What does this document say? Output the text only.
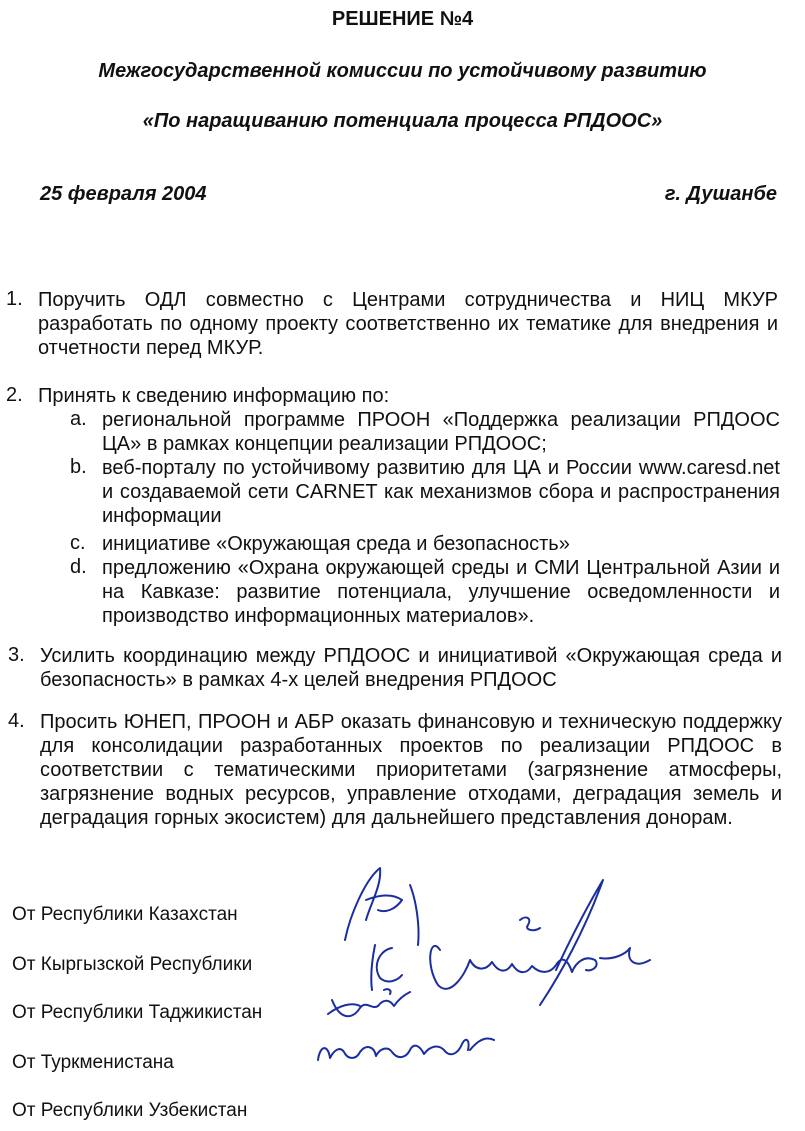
РЕШЕНИЕ №4
Межгосударственной комиссии по устойчивому развитию
«По наращиванию потенциала процесса РПДООС»
25 февраля 2004	г. Душанбе
1. Поручить ОДЛ совместно с Центрами сотрудничества и НИЦ МКУР разработать по одному проекту соответственно их тематике для внедрения и отчетности перед МКУР.
2. Принять к сведению информацию по:
a. региональной программе ПРООН «Поддержка реализации РПДООС ЦА» в рамках концепции реализации РПДООС;
b. веб-порталу по устойчивому развитию для ЦА и России www.caresd.net и создаваемой сети CARNET как механизмов сбора и распространения информации
c. инициативе «Окружающая среда и безопасность»
d. предложению «Охрана окружающей среды и СМИ Центральной Азии и на Кавказе: развитие потенциала, улучшение осведомленности и производство информационных материалов».
3. Усилить координацию между РПДООС и инициативой «Окружающая среда и безопасность» в рамках 4-х целей внедрения РПДООС
4. Просить ЮНЕП, ПРООН и АБР оказать финансовую и техническую поддержку для консолидации разработанных проектов по реализации РПДООС в соответствии с тематическими приоритетами (загрязнение атмосферы, загрязнение водных ресурсов, управление отходами, деградация земель и деградация горных экосистем) для дальнейшего представления донорам.
От Республики Казахстан
От Кыргызской Республики
От Республики Таджикистан
От Туркменистана
От Республики Узбекистан
